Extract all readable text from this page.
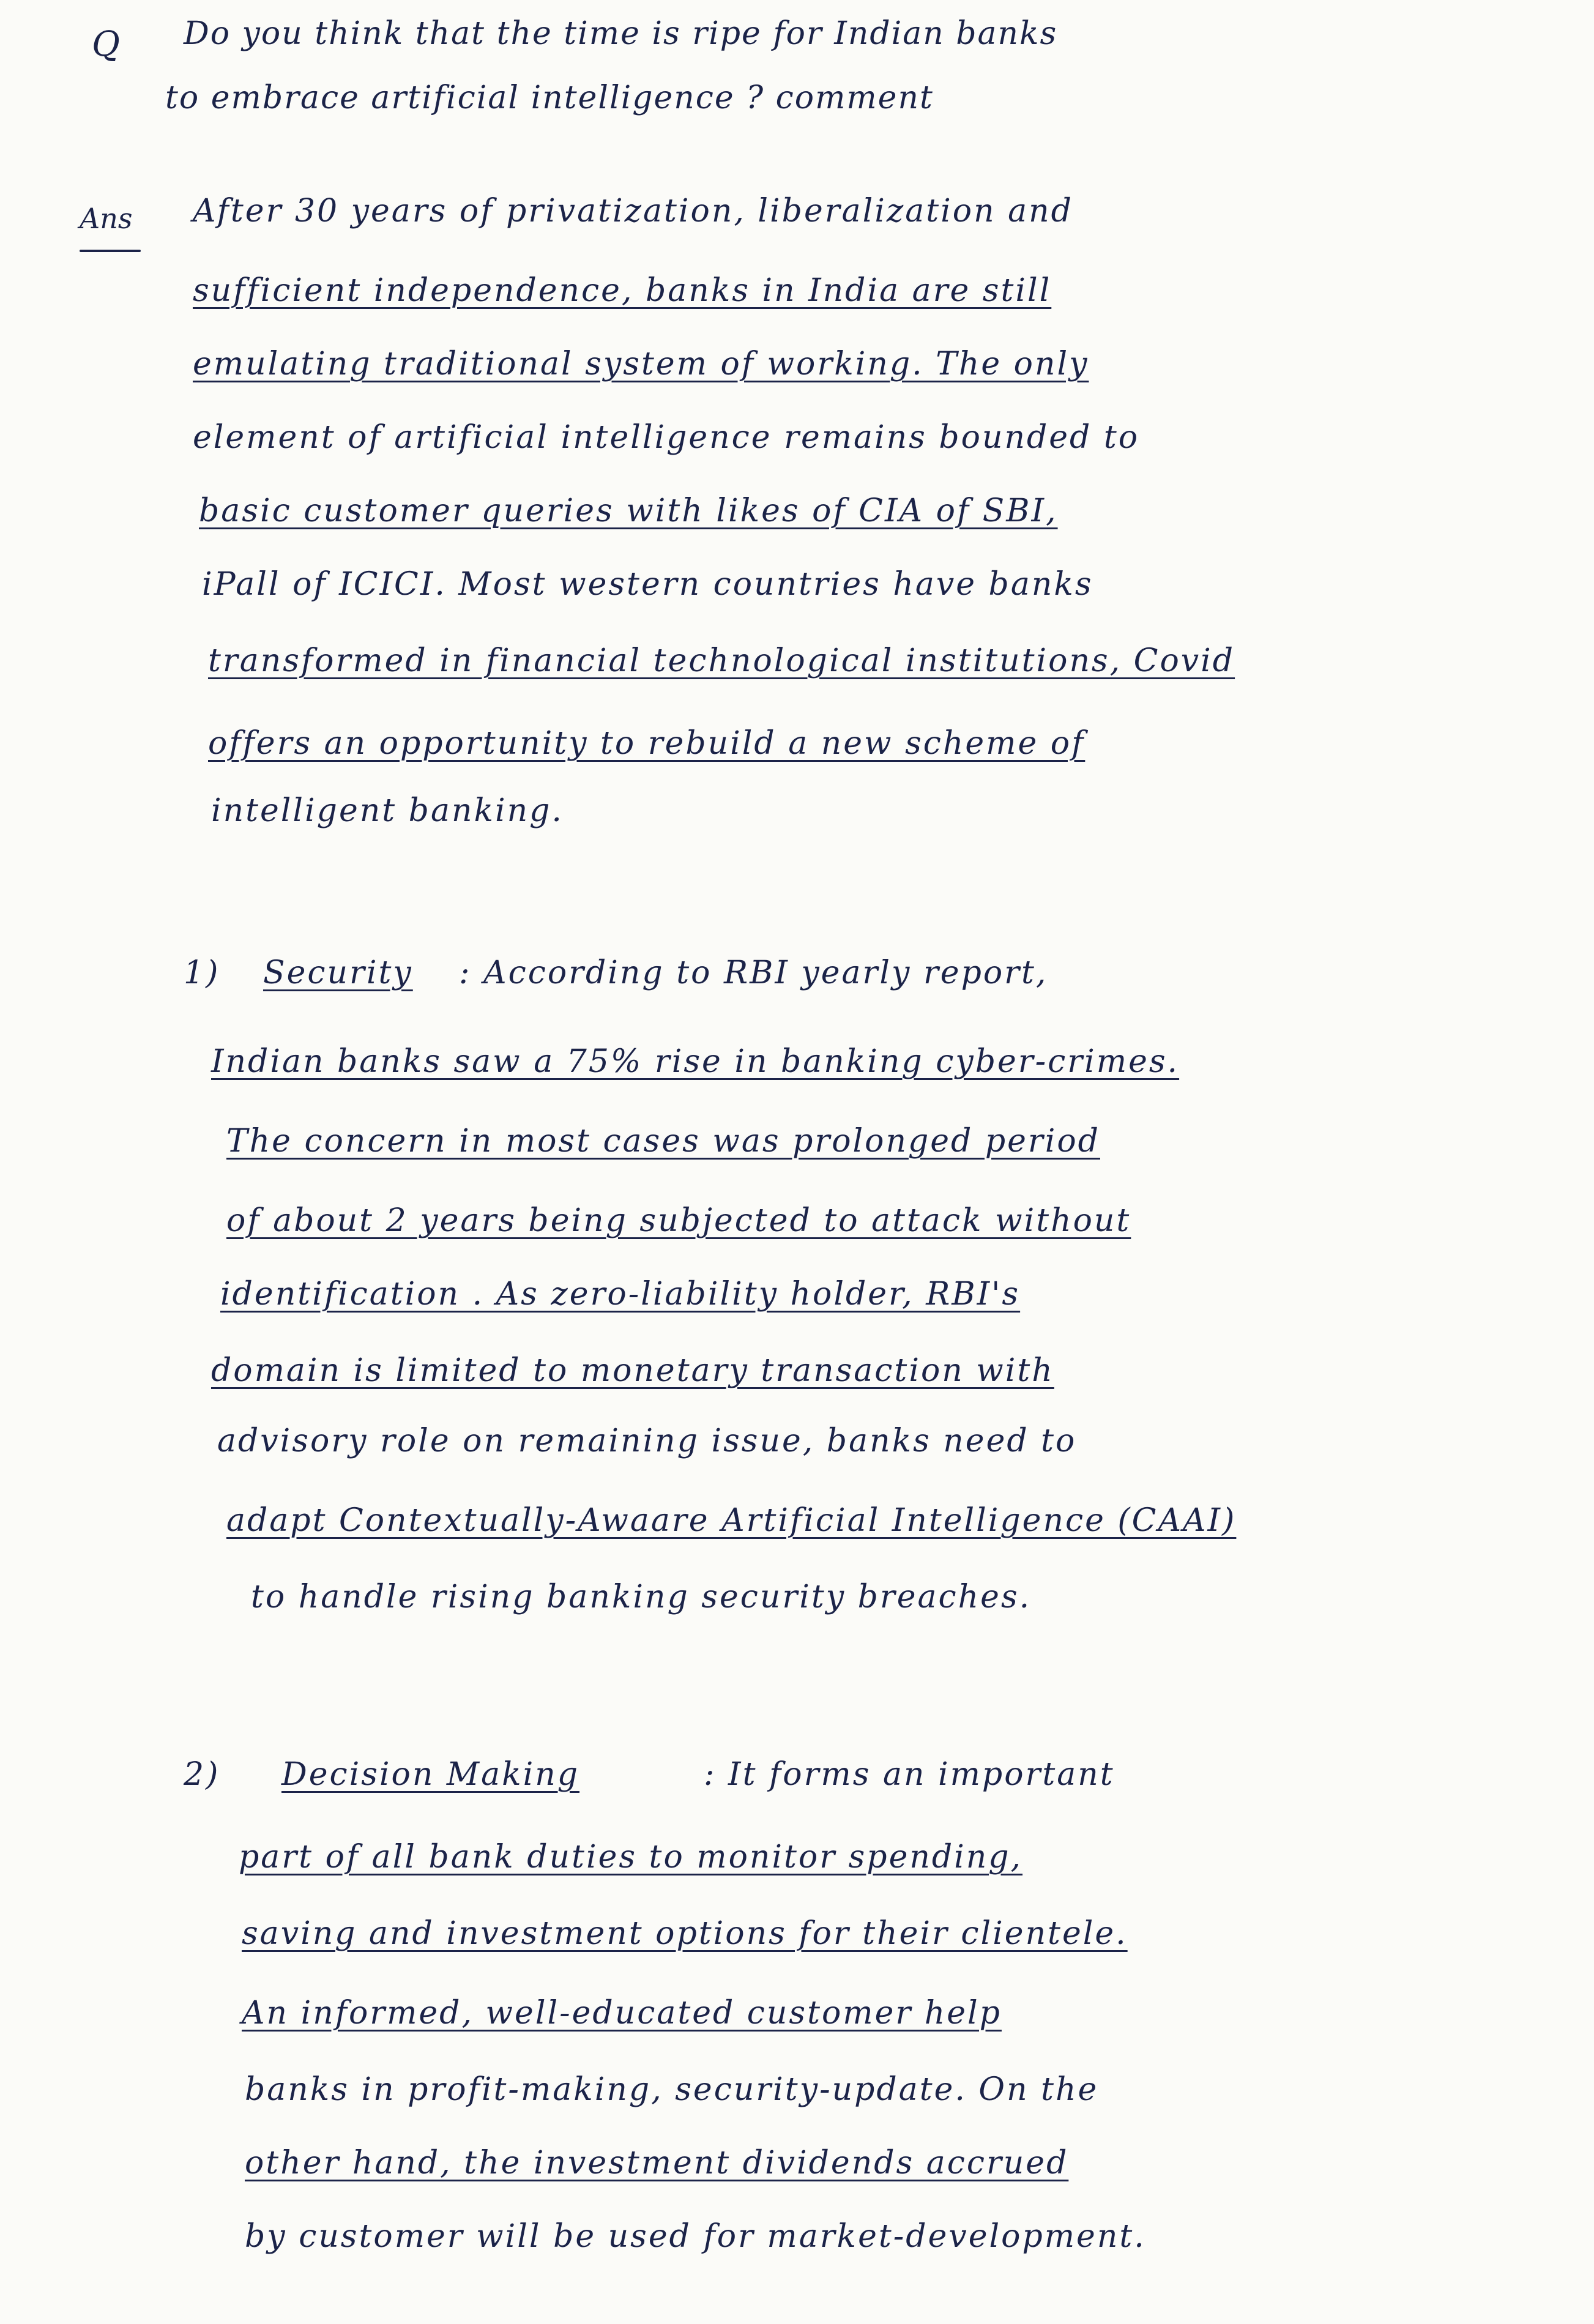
Q Do you think that the time is ripe for Indian banks
to embrace artificial intelligence ? comment
Ans After 30 years of privatization, liberalization and
sufficient independence, banks in India are still
emulating traditional system of working. The only
element of artificial intelligence remains bounded to
basic customer queries with likes of CIA of SBI,
iPall of ICICI. Most western countries have banks
transformed in financial technological institutions, Covid
offers an opportunity to rebuild a new scheme of
intelligent banking.
1) Security : According to RBI yearly report,
Indian banks saw a 75% rise in banking cyber-crimes.
The concern in most cases was prolonged period
of about 2 years being subjected to attack without
identification . As zero-liability holder, RBI's
domain is limited to monetary transaction with
advisory role on remaining issue, banks need to
adapt Contextually-Awaare Artificial Intelligence (CAAI)
to handle rising banking security breaches.
2) Decision Making	: It forms an important
part of all bank duties to monitor spending,
saving and investment options for their clientele.
An informed, well-educated customer help
banks in profit-making, security-update. On the
other hand, the investment dividends accrued
by customer will be used for market-development.
